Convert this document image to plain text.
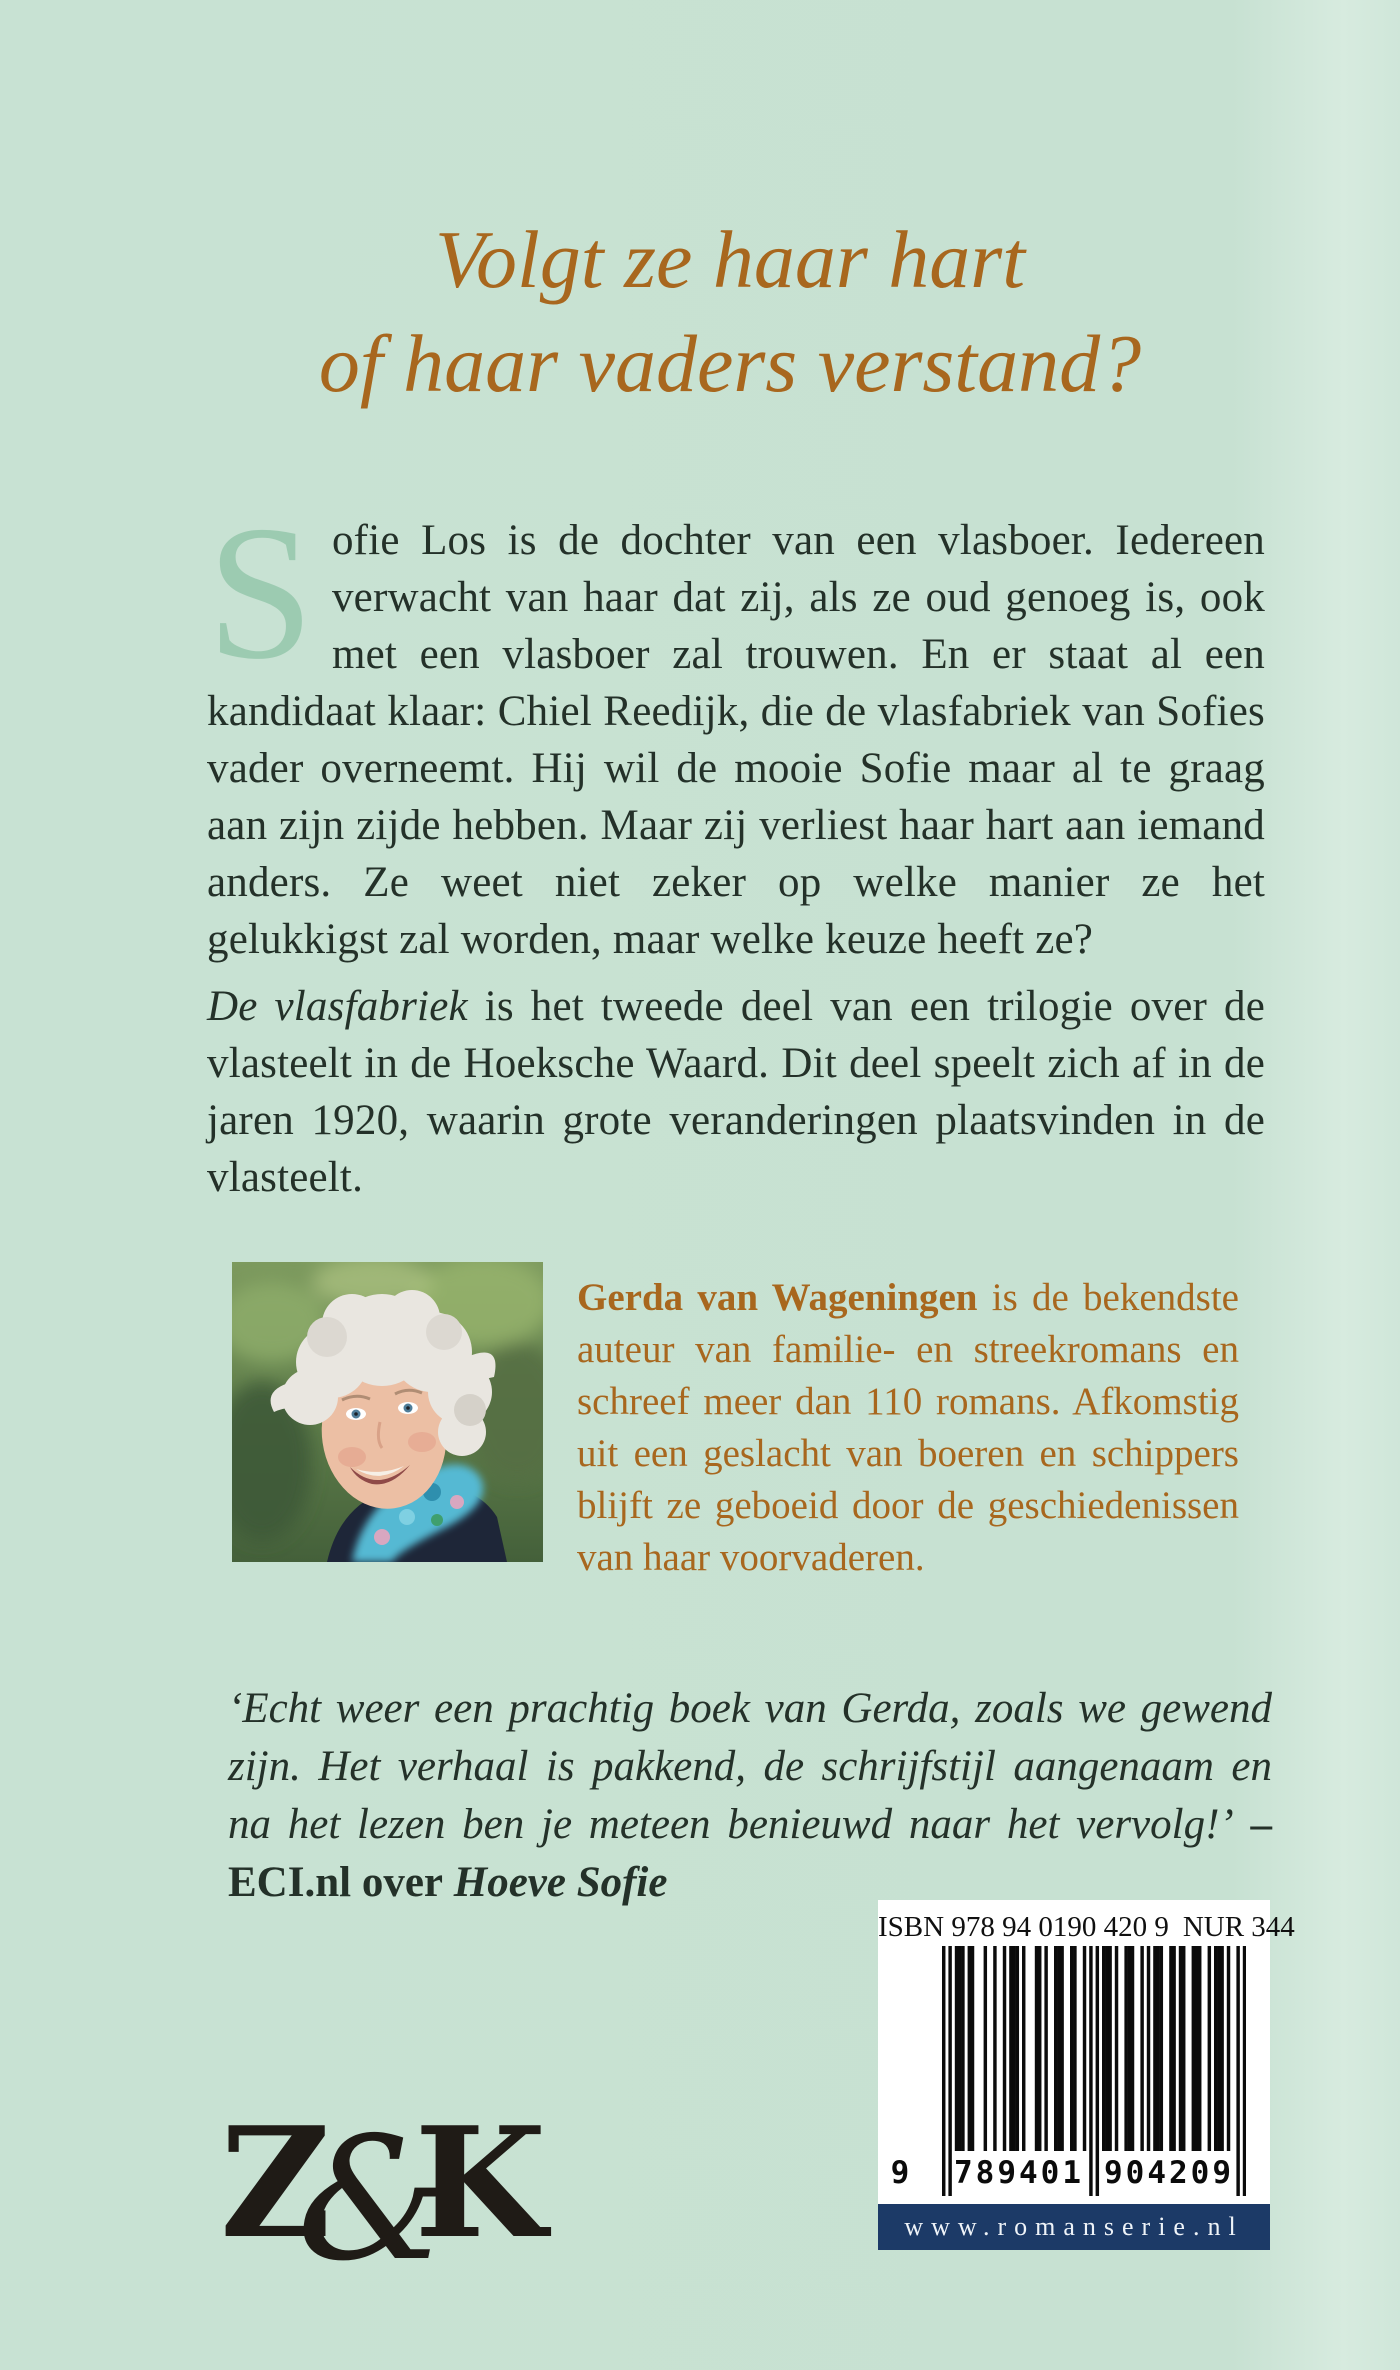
Volgt ze haar hart
of haar vaders verstand?
Sofie Los is de dochter van een vlasboer. Iedereen verwacht van haar dat zij, als ze oud genoeg is, ook met een vlasboer zal trouwen. En er staat al een kandidaat klaar: Chiel Reedijk, die de vlasfabriek van Sofies vader overneemt. Hij wil de mooie Sofie maar al te graag aan zijn zijde hebben. Maar zij verliest haar hart aan iemand anders. Ze weet niet zeker op welke manier ze het gelukkigst zal worden, maar welke keuze heeft ze?
De vlasfabriek is het tweede deel van een trilogie over de vlasteelt in de Hoeksche Waard. Dit deel speelt zich af in de jaren 1920, waarin grote veranderingen plaatsvinden in de vlasteelt.
Gerda van Wageningen is de bekendste auteur van familie- en streekromans en schreef meer dan 110 romans. Afkomstig uit een geslacht van boeren en schippers blijft ze geboeid door de geschiedenissen van haar voorvaderen.
‘Echt weer een prachtig boek van Gerda, zoals we gewend zijn. Het verhaal is pakkend, de schrijfstijl aangenaam en na het lezen ben je meteen benieuwd naar het vervolg!’ – ECI.nl over Hoeve Sofie
ISBN 978 94 0190 420 9 NUR 344
9	789401 904209
www.romanserie.nl
Z&K
